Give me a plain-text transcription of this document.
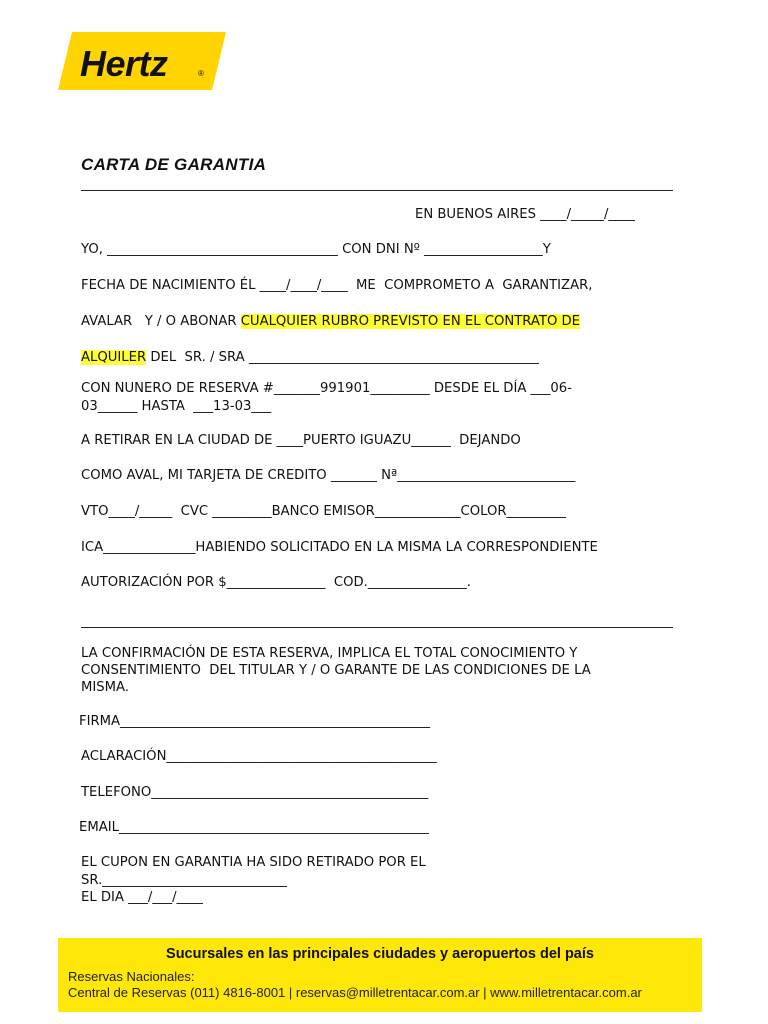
Hertz	®
CARTA DE GARANTIA
EN BUENOS AIRES ____/_____/____
YO, ___________________________________ CON DNI Nº __________________Y
FECHA DE NACIMIENTO ÉL ____/____/____  ME  COMPROMETO A  GARANTIZAR,
AVALAR   Y / O ABONAR CUALQUIER RUBRO PREVISTO EN EL CONTRATO DE
ALQUILER DEL  SR. / SRA ____________________________________________
CON NUNERO DE RESERVA #_______991901_________ DESDE EL DÍA ___06-
03______ HASTA  ___13-03___
A RETIRAR EN LA CIUDAD DE ____PUERTO IGUAZU______  DEJANDO
COMO AVAL, MI TARJETA DE CREDITO _______ Nª___________________________
VTO____/_____  CVC _________BANCO EMISOR_____________COLOR_________
ICA______________HABIENDO SOLICITADO EN LA MISMA LA CORRESPONDIENTE
AUTORIZACIÓN POR $_______________  COD._______________.
LA CONFIRMACIÓN DE ESTA RESERVA, IMPLICA EL TOTAL CONOCIMIENTO Y
CONSENTIMIENTO  DEL TITULAR Y / O GARANTE DE LAS CONDICIONES DE LA
MISMA.
FIRMA_______________________________________________
ACLARACIÓN_________________________________________
TELEFONO__________________________________________
EMAIL_______________________________________________
EL CUPON EN GARANTIA HA SIDO RETIRADO POR EL
SR.____________________________
EL DIA ___/___/____
Sucursales en las principales ciudades y aeropuertos del país
Reservas Nacionales:
Central de Reservas (011) 4816-8001 | reservas@milletrentacar.com.ar | www.milletrentacar.com.ar
